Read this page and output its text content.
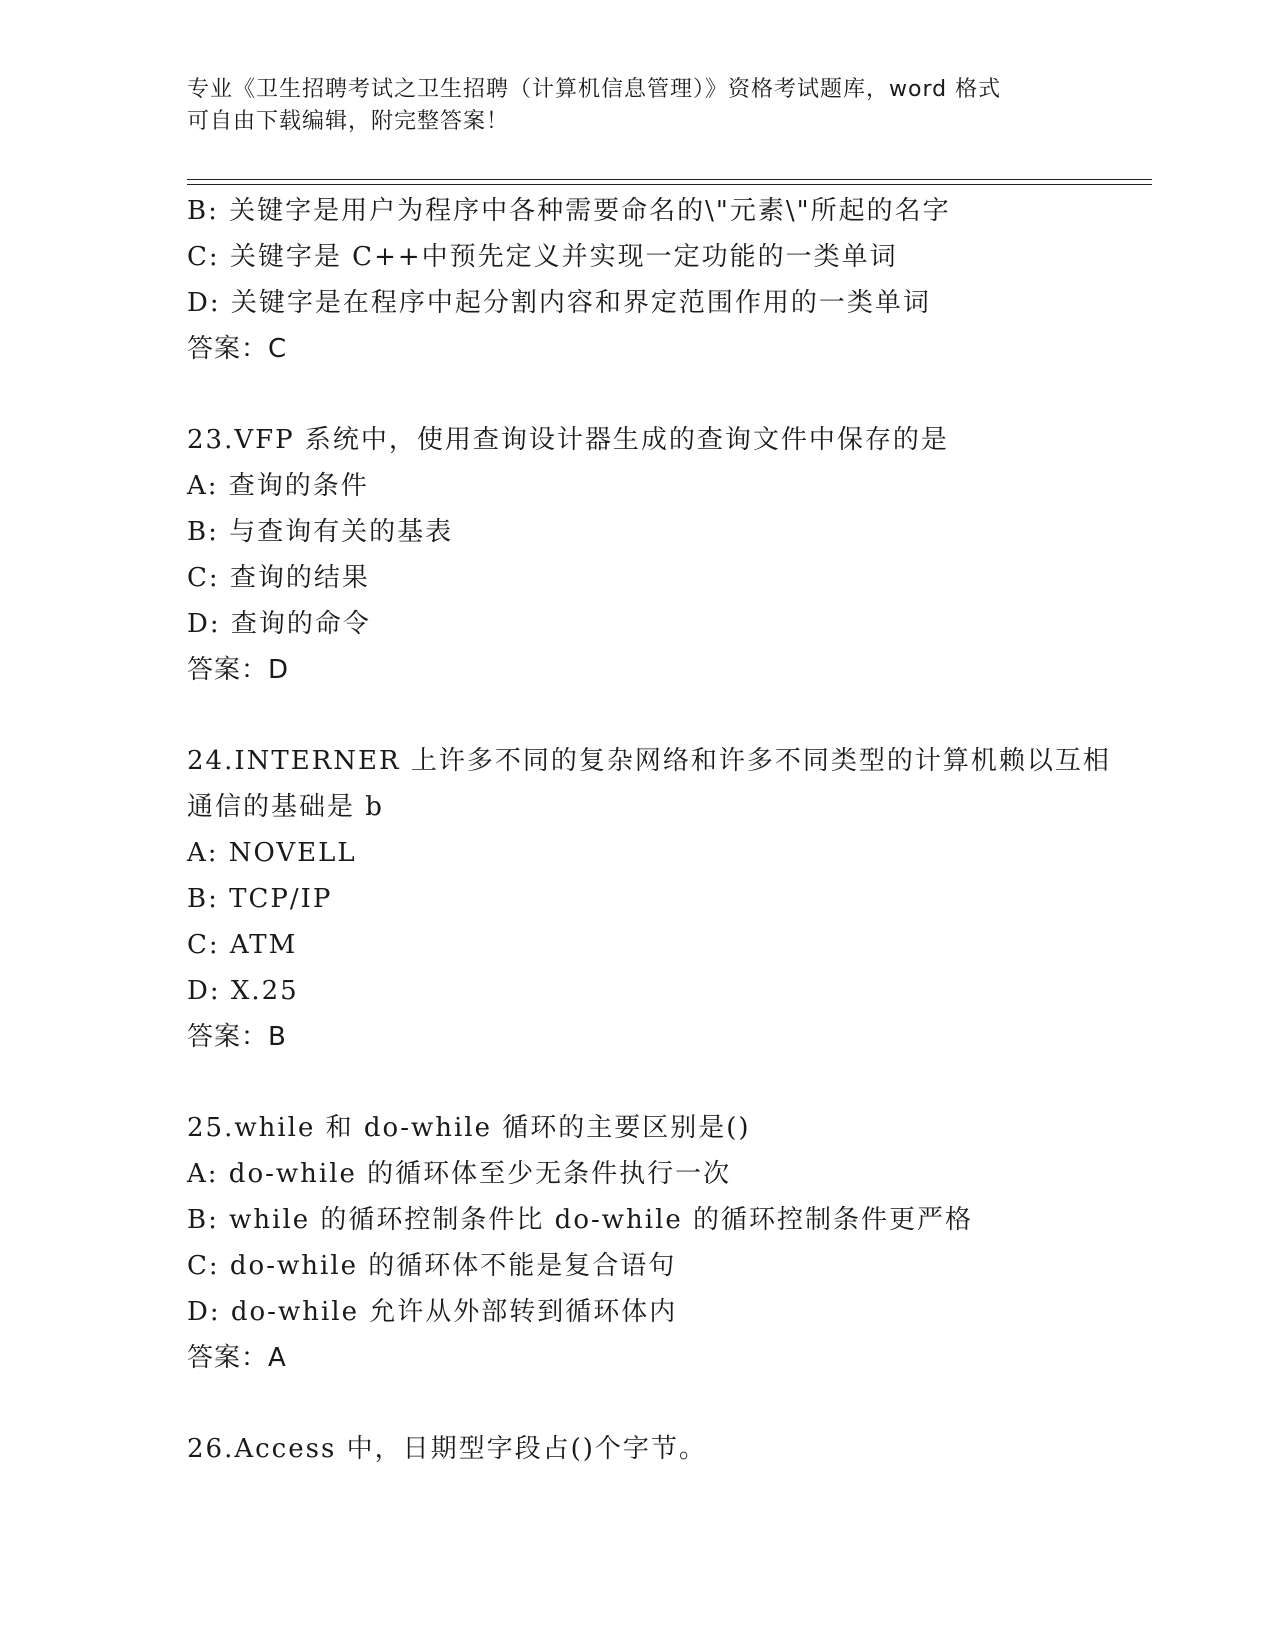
专业《卫生招聘考试之卫生招聘（计算机信息管理）》资格考试题库，word 格式
可自由下载编辑，附完整答案！
B: 关键字是用户为程序中各种需要命名的\"元素\"所起的名字
C: 关键字是 C++中预先定义并实现一定功能的一类单词
D: 关键字是在程序中起分割内容和界定范围作用的一类单词
答案：C
23.VFP 系统中，使用查询设计器生成的查询文件中保存的是
A: 查询的条件
B: 与查询有关的基表
C: 查询的结果
D: 查询的命令
答案：D
24.INTERNER 上许多不同的复杂网络和许多不同类型的计算机赖以互相
通信的基础是 b
A: NOVELL
B: TCP/IP
C: ATM
D: X.25
答案：B
25.while 和 do-while 循环的主要区别是()
A: do-while 的循环体至少无条件执行一次
B: while 的循环控制条件比 do-while 的循环控制条件更严格
C: do-while 的循环体不能是复合语句
D: do-while 允许从外部转到循环体内
答案：A
26.Access 中，日期型字段占()个字节。
